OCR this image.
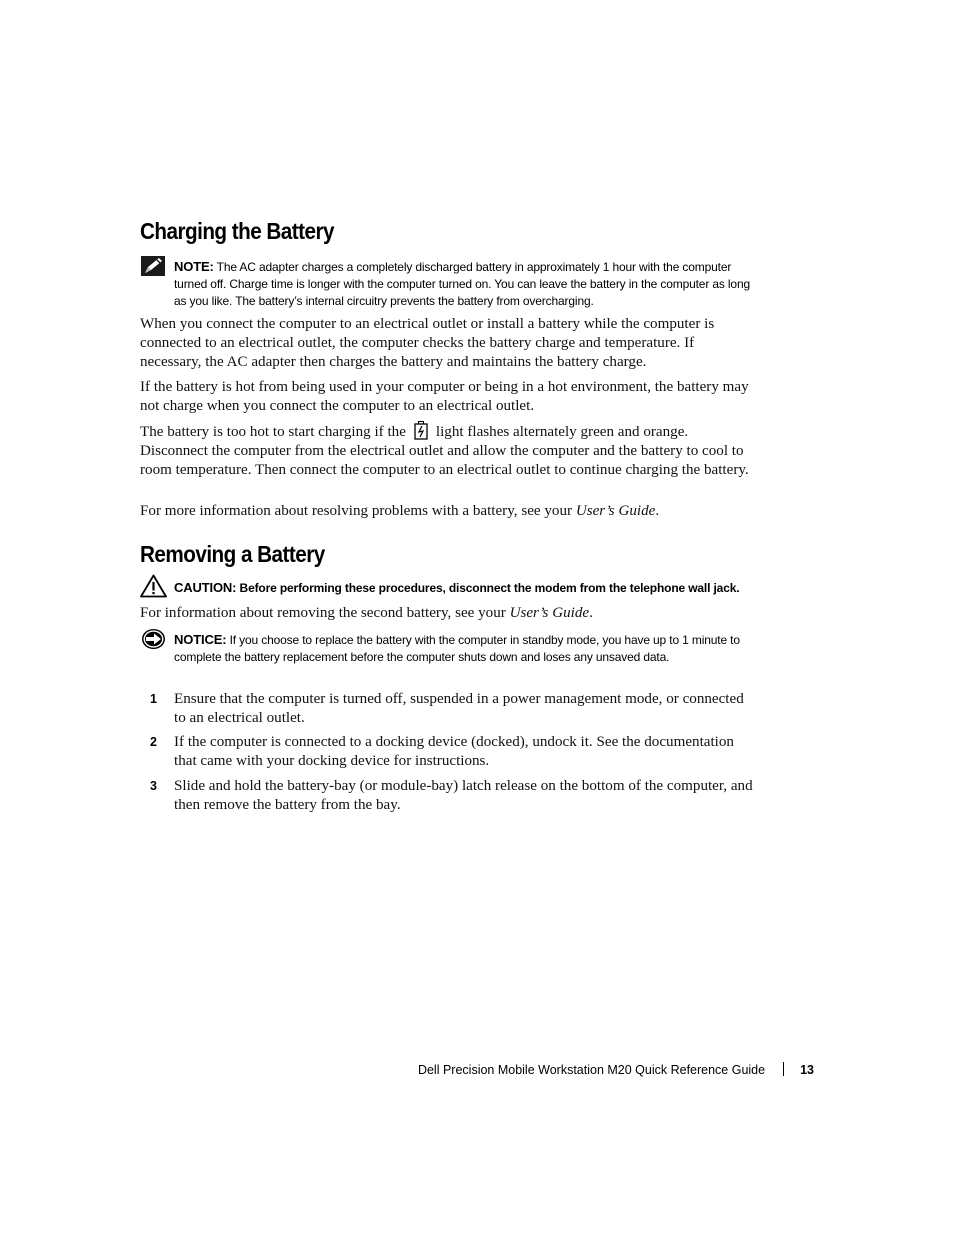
Charging the Battery

NOTE: The AC adapter charges a completely discharged battery in approximately 1 hour with the computer turned off. Charge time is longer with the computer turned on. You can leave the battery in the computer as long as you like. The battery’s internal circuitry prevents the battery from overcharging.

When you connect the computer to an electrical outlet or install a battery while the computer is connected to an electrical outlet, the computer checks the battery charge and temperature. If necessary, the AC adapter then charges the battery and maintains the battery charge.

If the battery is hot from being used in your computer or being in a hot environment, the battery may not charge when you connect the computer to an electrical outlet.

The battery is too hot to start charging if the light flashes alternately green and orange. Disconnect the computer from the electrical outlet and allow the computer and the battery to cool to room temperature. Then connect the computer to an electrical outlet to continue charging the battery.

For more information about resolving problems with a battery, see your User’s Guide.

Removing a Battery

CAUTION: Before performing these procedures, disconnect the modem from the telephone wall jack.

For information about removing the second battery, see your User’s Guide.

NOTICE: If you choose to replace the battery with the computer in standby mode, you have up to 1 minute to complete the battery replacement before the computer shuts down and loses any unsaved data.

1 Ensure that the computer is turned off, suspended in a power management mode, or connected to an electrical outlet.

2 If the computer is connected to a docking device (docked), undock it. See the documentation that came with your docking device for instructions.

3 Slide and hold the battery-bay (or module-bay) latch release on the bottom of the computer, and then remove the battery from the bay.

Dell Precision Mobile Workstation M20 Quick Reference Guide	13
